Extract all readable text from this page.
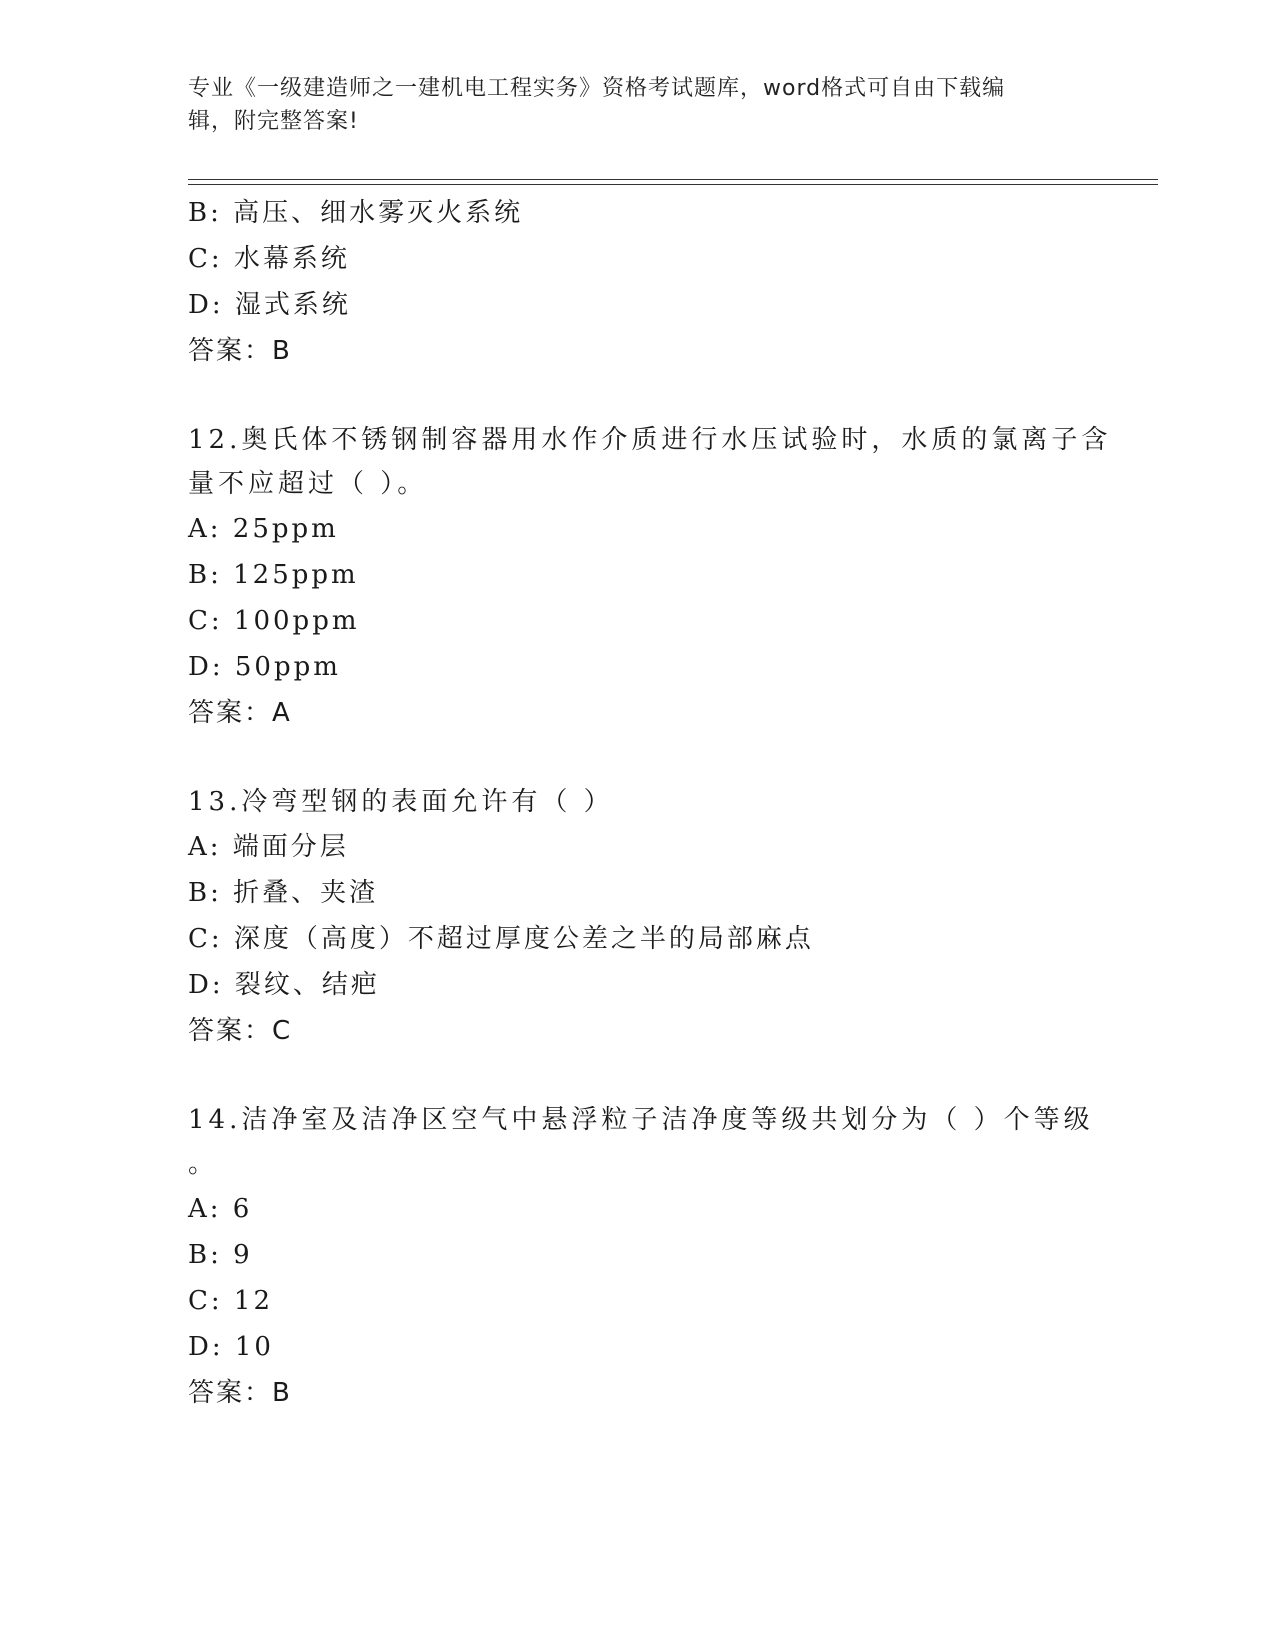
专业《一级建造师之一建机电工程实务》资格考试题库，word格式可自由下载编
辑，附完整答案!
B: 高压、细水雾灭火系统
C: 水幕系统
D: 湿式系统
答案：B
12.奥氏体不锈钢制容器用水作介质进行水压试验时，水质的氯离子含
量不应超过（ ）。
A: 25ppm
B: 125ppm
C: 100ppm
D: 50ppm
答案：A
13.冷弯型钢的表面允许有（ ）
A: 端面分层
B: 折叠、夹渣
C: 深度（高度）不超过厚度公差之半的局部麻点
D: 裂纹、结疤
答案：C
14.洁净室及洁净区空气中悬浮粒子洁净度等级共划分为（ ）个等级
。
A: 6
B: 9
C: 12
D: 10
答案：B
